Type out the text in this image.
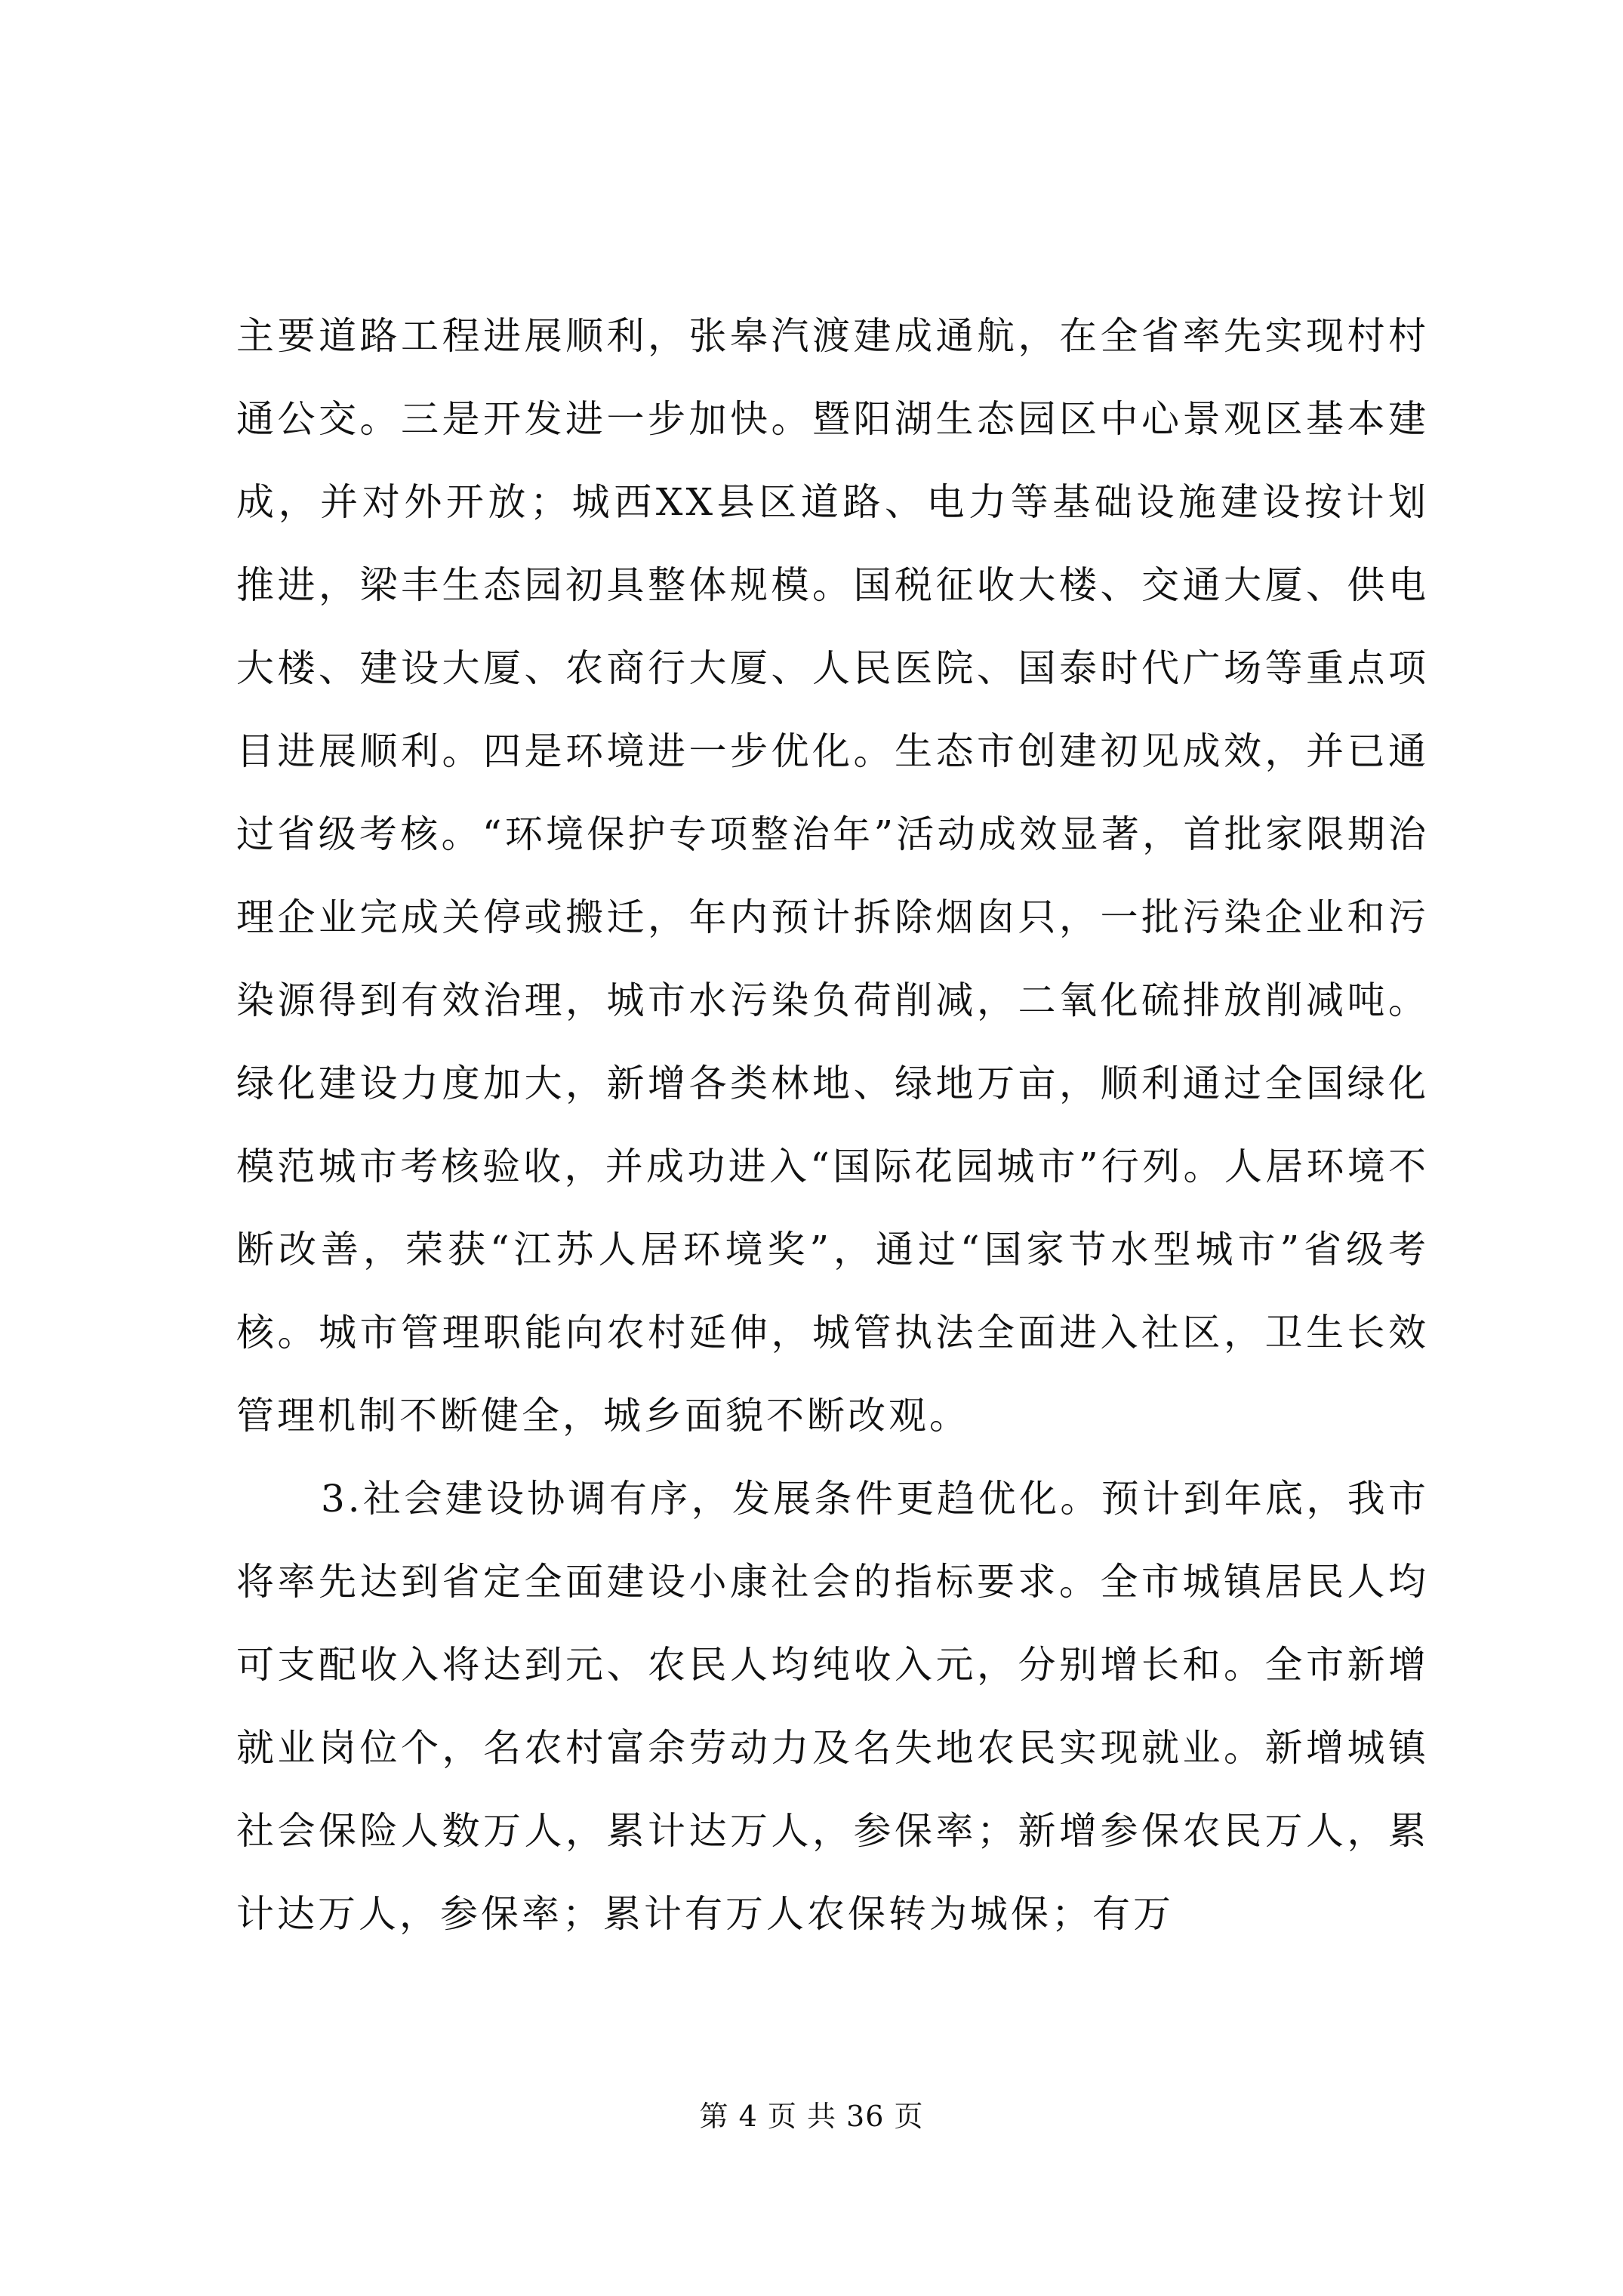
主要道路工程进展顺利，张皋汽渡建成通航，在全省率先实现村村通公交。三是开发进一步加快。暨阳湖生态园区中心景观区基本建成，并对外开放；城西XX县区道路、电力等基础设施建设按计划推进，梁丰生态园初具整体规模。国税征收大楼、交通大厦、供电大楼、建设大厦、农商行大厦、人民医院、国泰时代广场等重点项目进展顺利。四是环境进一步优化。生态市创建初见成效，并已通过省级考核。“环境保护专项整治年”活动成效显著，首批家限期治理企业完成关停或搬迁，年内预计拆除烟囱只，一批污染企业和污染源得到有效治理，城市水污染负荷削减，二氧化硫排放削减吨。绿化建设力度加大，新增各类林地、绿地万亩，顺利通过全国绿化模范城市考核验收，并成功进入“国际花园城市”行列。人居环境不断改善，荣获“江苏人居环境奖”，通过“国家节水型城市”省级考核。城市管理职能向农村延伸，城管执法全面进入社区，卫生长效管理机制不断健全，城乡面貌不断改观。

3.社会建设协调有序，发展条件更趋优化。预计到年底，我市将率先达到省定全面建设小康社会的指标要求。全市城镇居民人均可支配收入将达到元、农民人均纯收入元，分别增长和。全市新增就业岗位个，名农村富余劳动力及名失地农民实现就业。新增城镇社会保险人数万人，累计达万人，参保率；新增参保农民万人，累计达万人，参保率；累计有万人农保转为城保；有万

第 4 页 共 36 页
